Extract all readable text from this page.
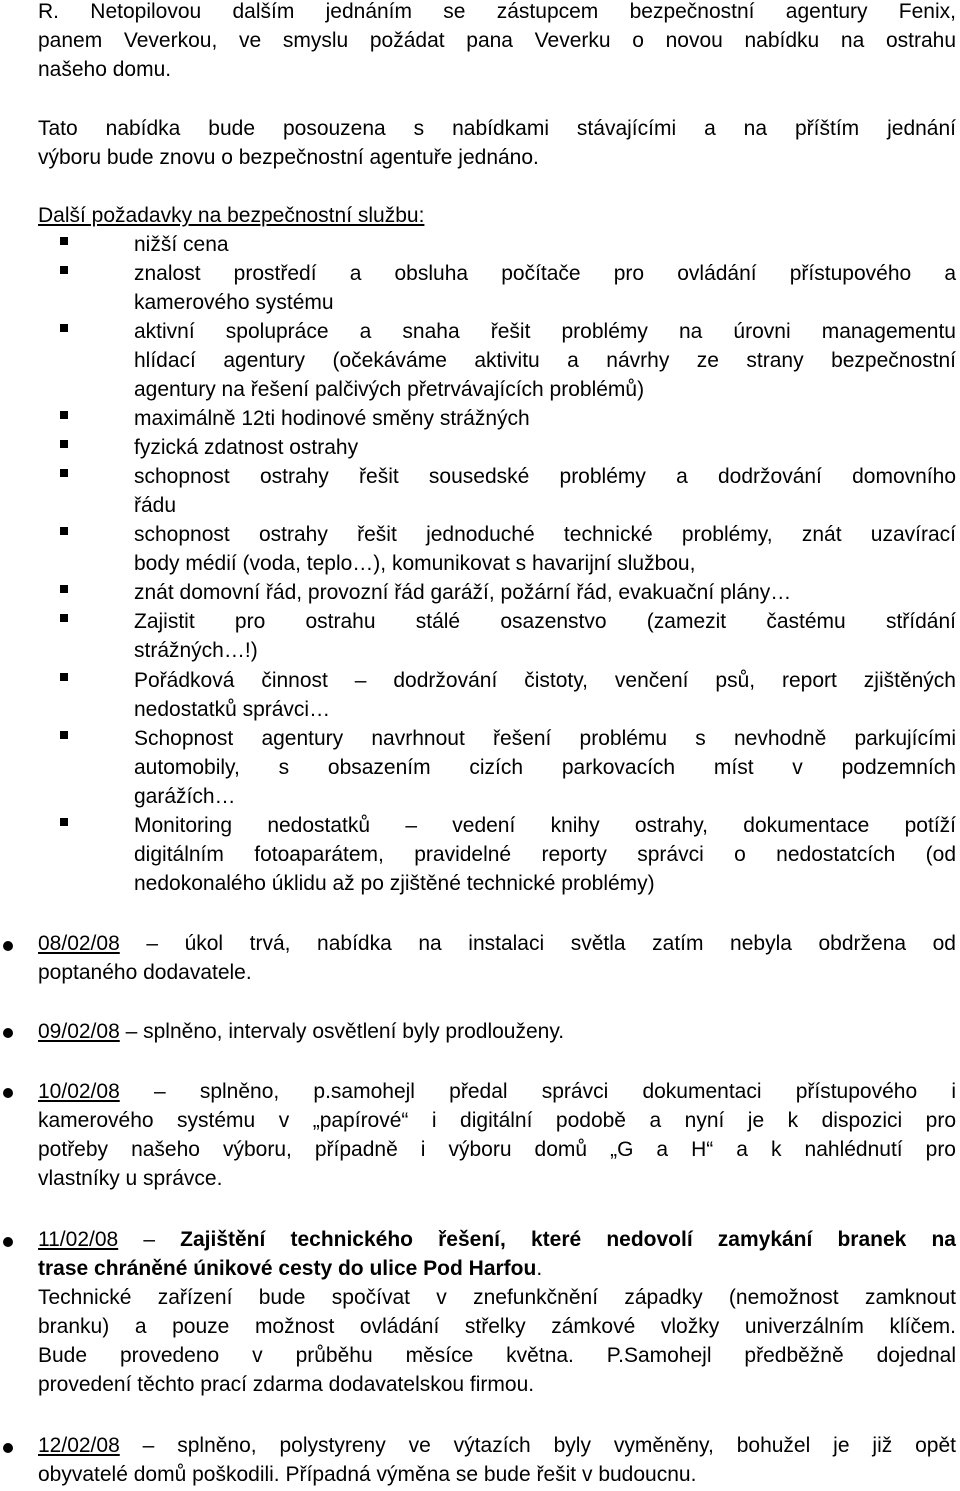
R. Netopilovou dalším jednáním se zástupcem bezpečnostní agentury Fenix,
panem Veverkou, ve smyslu požádat pana Veverku o novou nabídku na ostrahu
našeho domu.
Tato nabídka bude posouzena s nabídkami stávajícími a na příštím jednání
výboru bude znovu o bezpečnostní agentuře jednáno.
Další požadavky na bezpečnostní službu:
nižší cena
znalost prostředí a obsluha počítače pro ovládání přístupového a
kamerového systému
aktivní spolupráce a snaha řešit problémy na úrovni managementu
hlídací agentury (očekáváme aktivitu a návrhy ze strany bezpečnostní
agentury na řešení palčivých přetrvávajících problémů)
maximálně 12ti hodinové směny strážných
fyzická zdatnost ostrahy
schopnost ostrahy řešit sousedské problémy a dodržování domovního
řádu
schopnost ostrahy řešit jednoduché technické problémy, znát uzavírací
body médií (voda, teplo…), komunikovat s havarijní službou,
znát domovní řád, provozní řád garáží, požární řád, evakuační plány…
Zajistit pro ostrahu stálé osazenstvo (zamezit častému střídání
strážných…!)
Pořádková činnost – dodržování čistoty, venčení psů, report zjištěných
nedostatků správci…
Schopnost agentury navrhnout řešení problému s nevhodně parkujícími
automobily, s obsazením cizích parkovacích míst v podzemních
garážích…
Monitoring nedostatků – vedení knihy ostrahy, dokumentace potíží
digitálním fotoaparátem, pravidelné reporty správci o nedostatcích (od
nedokonalého úklidu až po zjištěné technické problémy)
08/02/08 – úkol trvá, nabídka na instalaci světla zatím nebyla obdržena od
poptaného dodavatele.
09/02/08 – splněno, intervaly osvětlení byly prodlouženy.
10/02/08 – splněno, p.samohejl předal správci dokumentaci přístupového i
kamerového systému v „papírové“ i digitální podobě a nyní je k dispozici pro
potřeby našeho výboru, případně i výboru domů „G a H“ a k nahlédnutí pro
vlastníky u správce.
11/02/08 – Zajištění technického řešení, které nedovolí zamykání branek na
trase chráněné únikové cesty do ulice Pod Harfou.
Technické zařízení bude spočívat v znefunkčnění západky (nemožnost zamknout
branku) a pouze možnost ovládání střelky zámkové vložky univerzálním klíčem.
Bude provedeno v průběhu měsíce května. P.Samohejl předběžně dojednal
provedení těchto prací zdarma dodavatelskou firmou.
12/02/08 – splněno, polystyreny ve výtazích byly vyměněny, bohužel je již opět
obyvatelé domů poškodili. Případná výměna se bude řešit v budoucnu.
